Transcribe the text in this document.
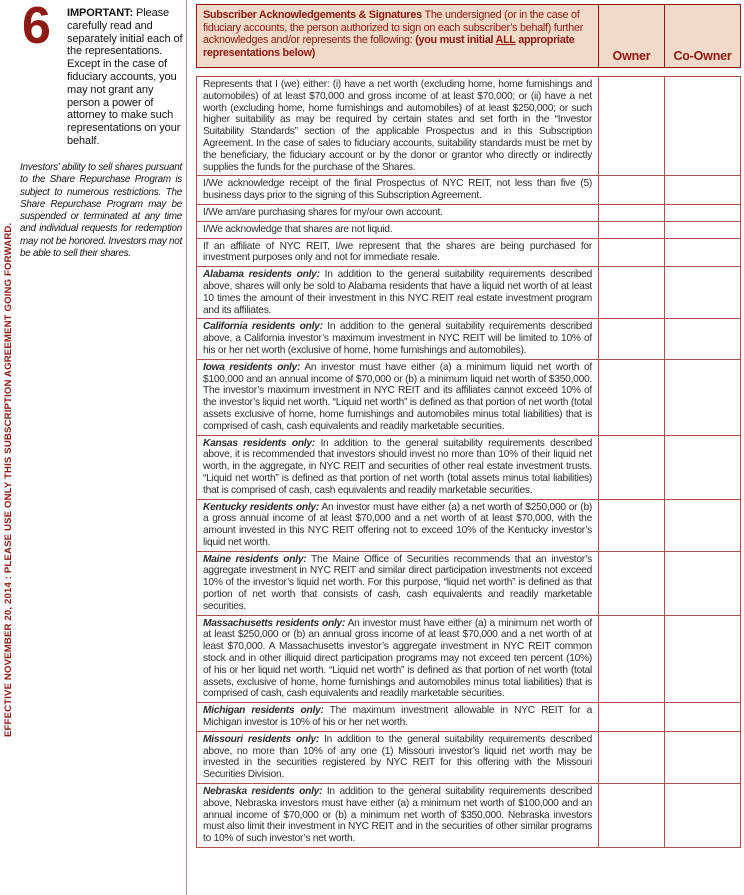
EFFECTIVE NOVEMBER 20, 2014 : PLEASE USE ONLY THIS SUBSCRIPTION AGREEMENT GOING FORWARD.
6 IMPORTANT: Please carefully read and separately initial each of the representations. Except in the case of fiduciary accounts, you may not grant any person a power of attorney to make such representations on your behalf.
Investors’ ability to sell shares pursuant to the Share Repurchase Program is subject to numerous restrictions. The Share Repurchase Program may be suspended or terminated at any time and individual requests for redemption may not be honored. Investors may not be able to sell their shares.
Subscriber Acknowledgements & Signatures The undersigned (or in the case of fiduciary accounts, the person authorized to sign on each subscriber’s behalf) further acknowledges and/or represents the following: (you must initial ALL appropriate representations below)	Owner	Co-Owner
Represents that I (we) either: (i) have a net worth (excluding home, home furnishings and automobiles) of at least $70,000 and gross income of at least $70,000; or (ii) have a net worth (excluding home, home furnishings and automobiles) of at least $250,000; or such higher suitability as may be required by certain states and set forth in the “Investor Suitability Standards” section of the applicable Prospectus and in this Subscription Agreement. In the case of sales to fiduciary accounts, suitability standards must be met by the beneficiary, the fiduciary account or by the donor or grantor who directly or indirectly supplies the funds for the purchase of the Shares.
I/We acknowledge receipt of the final Prospectus of NYC REIT, not less than five (5) business days prior to the signing of this Subscription Agreement.
I/We am/are purchasing shares for my/our own account.
I/We acknowledge that shares are not liquid.
If an affiliate of NYC REIT, I/we represent that the shares are being purchased for investment purposes only and not for immediate resale.
Alabama residents only: In addition to the general suitability requirements described above, shares will only be sold to Alabama residents that have a liquid net worth of at least 10 times the amount of their investment in this NYC REIT real estate investment program and its affiliates.
California residents only: In addition to the general suitability requirements described above, a California investor’s maximum investment in NYC REIT will be limited to 10% of his or her net worth (exclusive of home, home furnishings and automobiles).
Iowa residents only: An investor must have either (a) a minimum liquid net worth of $100,000 and an annual income of $70,000 or (b) a minimum liquid net worth of $350,000. The investor’s maximum investment in NYC REIT and its affiliates cannot exceed 10% of the investor’s liquid net worth. “Liquid net worth” is defined as that portion of net worth (total assets exclusive of home, home furnishings and automobiles minus total liabilities) that is comprised of cash, cash equivalents and readily marketable securities.
Kansas residents only: In addition to the general suitability requirements described above, it is recommended that investors should invest no more than 10% of their liquid net worth, in the aggregate, in NYC REIT and securities of other real estate investment trusts. “Liquid net worth” is defined as that portion of net worth (total assets minus total liabilities) that is comprised of cash, cash equivalents and readily marketable securities.
Kentucky residents only: An investor must have either (a) a net worth of $250,000 or (b) a gross annual income of at least $70,000 and a net worth of at least $70,000, with the amount invested in this NYC REIT offering not to exceed 10% of the Kentucky investor’s liquid net worth.
Maine residents only: The Maine Office of Securities recommends that an investor’s aggregate investment in NYC REIT and similar direct participation investments not exceed 10% of the investor’s liquid net worth. For this purpose, “liquid net worth” is defined as that portion of net worth that consists of cash, cash equivalents and readily marketable securities.
Massachusetts residents only: An investor must have either (a) a minimum net worth of at least $250,000 or (b) an annual gross income of at least $70,000 and a net worth of at least $70,000. A Massachusetts investor’s aggregate investment in NYC REIT common stock and in other illiquid direct participation programs may not exceed ten percent (10%) of his or her liquid net worth. “Liquid net worth” is defined as that portion of net worth (total assets, exclusive of home, home furnishings and automobiles minus total liabilities) that is comprised of cash, cash equivalents and readily marketable securities.
Michigan residents only: The maximum investment allowable in NYC REIT for a Michigan investor is 10% of his or her net worth.
Missouri residents only: In addition to the general suitability requirements described above, no more than 10% of any one (1) Missouri investor’s liquid net worth may be invested in the securities registered by NYC REIT for this offering with the Missouri Securities Division.
Nebraska residents only: In addition to the general suitability requirements described above, Nebraska investors must have either (a) a minimum net worth of $100,000 and an annual income of $70,000 or (b) a minimum net worth of $350,000. Nebraska investors must also limit their investment in NYC REIT and in the securities of other similar programs to 10% of such investor’s net worth.
